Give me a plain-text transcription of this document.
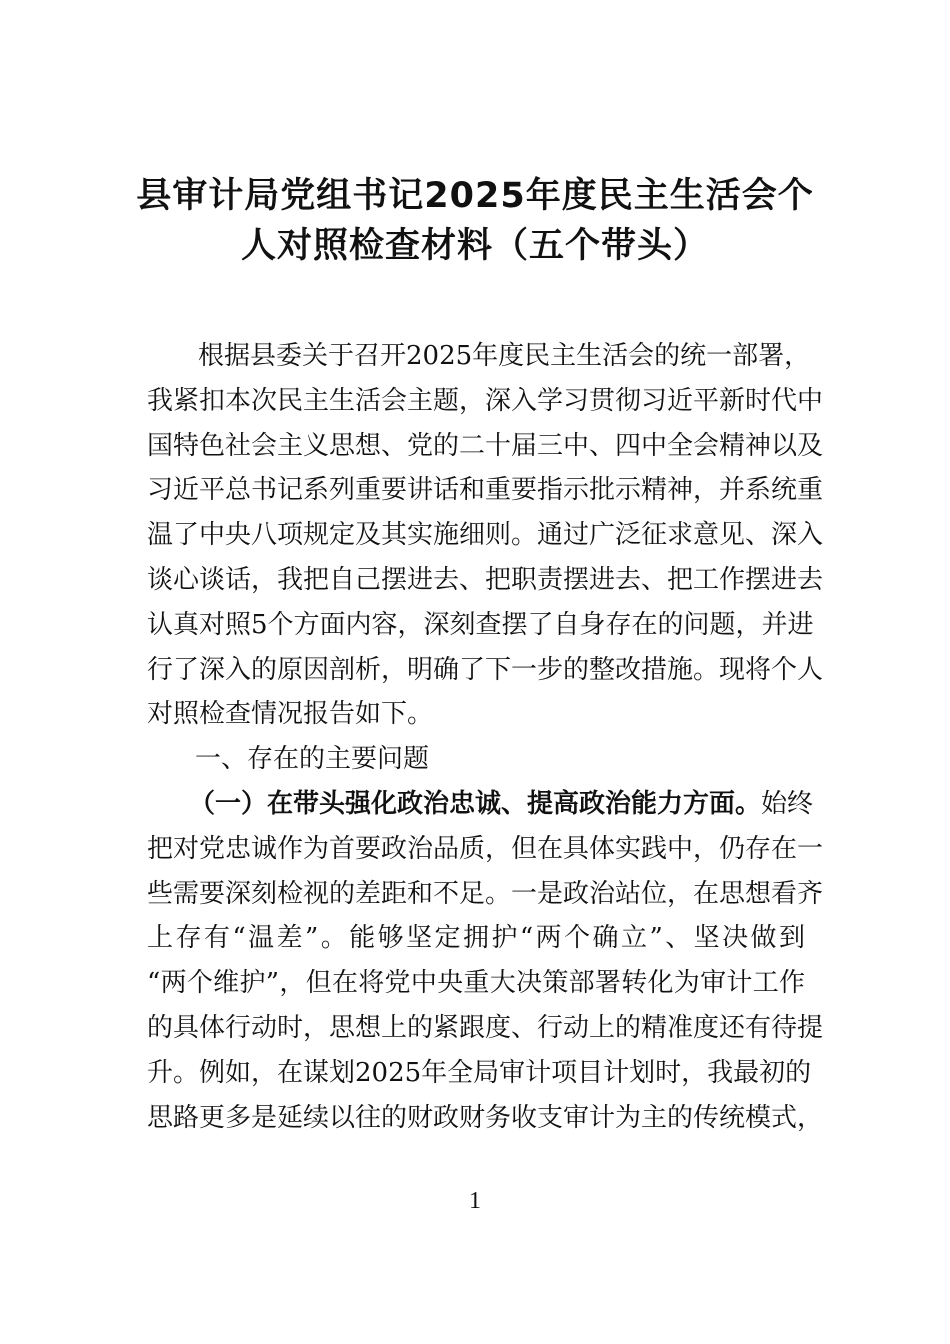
县审计局党组书记2025年度民主生活会个
人对照检查材料（五个带头）
根据县委关于召开2025年度民主生活会的统一部署，
我紧扣本次民主生活会主题，深入学习贯彻习近平新时代中
国特色社会主义思想、党的二十届三中、四中全会精神以及
习近平总书记系列重要讲话和重要指示批示精神，并系统重
温了中央八项规定及其实施细则。通过广泛征求意见、深入
谈心谈话，我把自己摆进去、把职责摆进去、把工作摆进去
认真对照5个方面内容，深刻查摆了自身存在的问题，并进
行了深入的原因剖析，明确了下一步的整改措施。现将个人
对照检查情况报告如下。
一、存在的主要问题
（一）在带头强化政治忠诚、提高政治能力方面。始终
把对党忠诚作为首要政治品质，但在具体实践中，仍存在一
些需要深刻检视的差距和不足。一是政治站位，在思想看齐
上存有“温差”。能够坚定拥护“两个确立”、坚决做到
“两个维护”，但在将党中央重大决策部署转化为审计工作
的具体行动时，思想上的紧跟度、行动上的精准度还有待提
升。例如，在谋划2025年全局审计项目计划时，我最初的
思路更多是延续以往的财政财务收支审计为主的传统模式，
1
